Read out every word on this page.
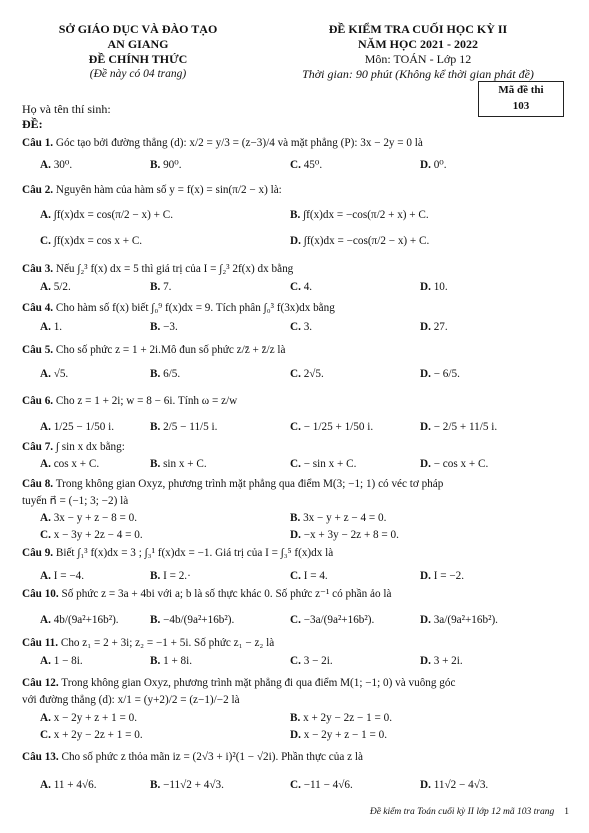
SỞ GIÁO DỤC VÀ ĐÀO TẠO
AN GIANG
ĐỀ CHÍNH THỨC
(Đề này có 04 trang)
ĐỀ KIỂM TRA CUỐI HỌC KỲ II
NĂM HỌC 2021 - 2022
Môn: TOÁN - Lớp 12
Thời gian: 90 phút (Không kể thời gian phát đề)
Mã đề thi
103
Họ và tên thí sinh:
ĐỀ:
Câu 1. Góc tạo bởi đường thẳng (d): x/2 = y/3 = (z−3)/4 và mặt phẳng (P): 3x − 2y = 0 là
A. 30⁰.	B. 90⁰.	C. 45⁰.	D. 0⁰.
Câu 2. Nguyên hàm của hàm số y = f(x) = sin(π/2 − x) là:
A. ∫f(x)dx = cos(π/2 − x) + C.	B. ∫f(x)dx = −cos(π/2 + x) + C.
C. ∫f(x)dx = cos x + C.	D. ∫f(x)dx = −cos(π/2 − x) + C.
Câu 3. Nếu ∫₂³ f(x) dx = 5 thì giá trị của I = ∫₂³ 2f(x) dx bằng
A. 5/2.	B. 7.	C. 4.	D. 10.
Câu 4. Cho hàm số f(x) biết ∫₀⁹ f(x)dx = 9. Tích phân ∫₀³ f(3x)dx bằng
A. 1.	B. −3.	C. 3.	D. 27.
Câu 5. Cho số phức z = 1 + 2i.Mô đun số phức z/z̄ + z̄/z là
A. √5.	B. 6/5.	C. 2√5.	D. − 6/5.
Câu 6. Cho z = 1 + 2i; w = 8 − 6i. Tính ω = z/w
A. 1/25 − 1/50 i.	B. 2/5 − 11/5 i.	C. − 1/25 + 1/50 i.	D. − 2/5 + 11/5 i.
Câu 7. ∫ sin x dx bằng:
A. cos x + C.	B. sin x + C.	C. − sin x + C.	D. − cos x + C.
Câu 8. Trong không gian Oxyz, phương trình mặt phẳng qua điểm M(3; −1; 1) có véc tơ pháp
tuyến n⃗ = (−1; 3; −2) là
A. 3x − y + z − 8 = 0.	B. 3x − y + z − 4 = 0.
C. x − 3y + 2z − 4 = 0.	D. −x + 3y − 2z + 8 = 0.
Câu 9. Biết ∫₁³ f(x)dx = 3 ; ∫₃¹ f(x)dx = −1. Giá trị của I = ∫₃⁵ f(x)dx là
A. I = −4.	B. I = 2.·	C. I = 4.	D. I = −2.
Câu 10. Số phức z = 3a + 4bi với a; b là số thực khác 0. Số phức z⁻¹ có phần ảo là
A. 4b/(9a²+16b²).	B. −4b/(9a²+16b²).	C. −3a/(9a²+16b²).	D. 3a/(9a²+16b²).
Câu 11. Cho z₁ = 2 + 3i; z₂ = −1 + 5i. Số phức z₁ − z₂ là
A. 1 − 8i.	B. 1 + 8i.	C. 3 − 2i.	D. 3 + 2i.
Câu 12. Trong không gian Oxyz, phương trình mặt phẳng đi qua điểm M(1; −1; 0) và vuông góc
với đường thẳng (d): x/1 = (y+2)/2 = (z−1)/−2 là
A. x − 2y + z + 1 = 0.	B. x + 2y − 2z − 1 = 0.
C. x + 2y − 2z + 1 = 0.	D. x − 2y + z − 1 = 0.
Câu 13. Cho số phức z thỏa mãn iz = (2√3 + i)²(1 − √2i). Phần thực của z là
A. 11 + 4√6.	B. −11√2 + 4√3.	C. −11 − 4√6.	D. 11√2 − 4√3.
Đề kiểm tra Toán cuối kỳ II lớp 12 mã 103 trang 1
